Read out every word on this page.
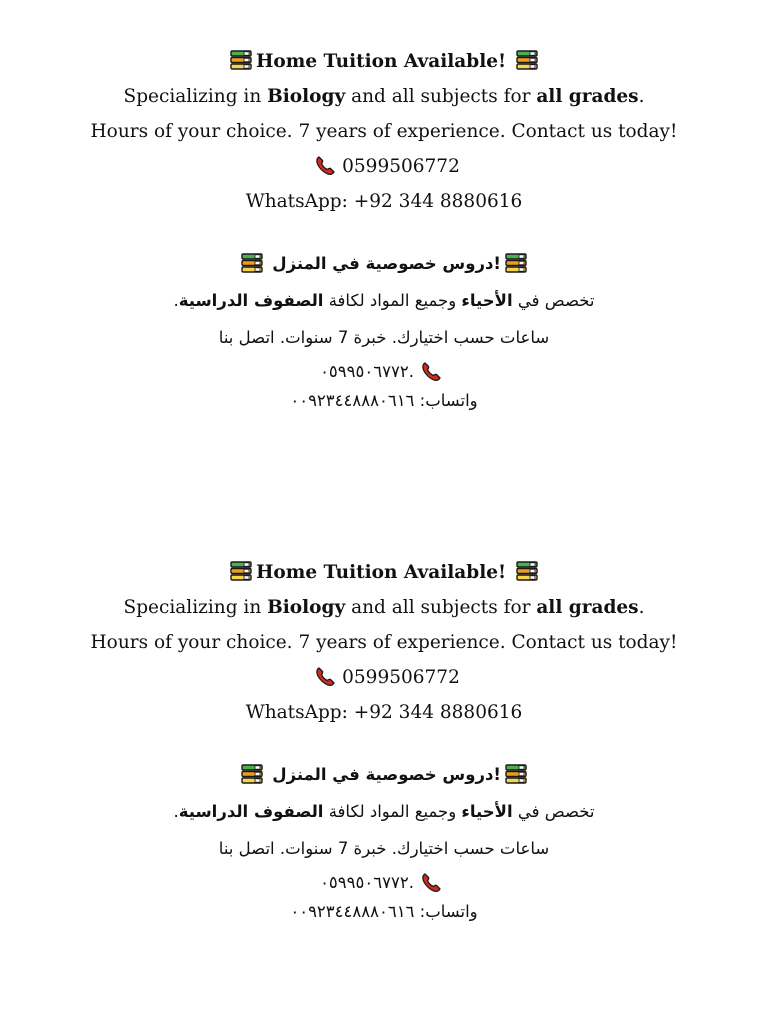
Home Tuition Available!

Specializing in Biology and all subjects for all grades.

Hours of your choice. 7 years of experience. Contact us today!

0599506772

WhatsApp: +92 344 8880616

!دروس خصوصية في المنزل

تخصص في الأحياء وجميع المواد لكافة الصفوف الدراسية.

ساعات حسب اختيارك. خبرة 7 سنوات. اتصل بنا

٠٥٩٩٥٠٦٧٧٢.

واتساب: ٠٠٩٢٣٤٤٨٨٨٠٦١٦

Home Tuition Available!

Specializing in Biology and all subjects for all grades.

Hours of your choice. 7 years of experience. Contact us today!

0599506772

WhatsApp: +92 344 8880616

!دروس خصوصية في المنزل

تخصص في الأحياء وجميع المواد لكافة الصفوف الدراسية.

ساعات حسب اختيارك. خبرة 7 سنوات. اتصل بنا

٠٥٩٩٥٠٦٧٧٢.

واتساب: ٠٠٩٢٣٤٤٨٨٨٠٦١٦
